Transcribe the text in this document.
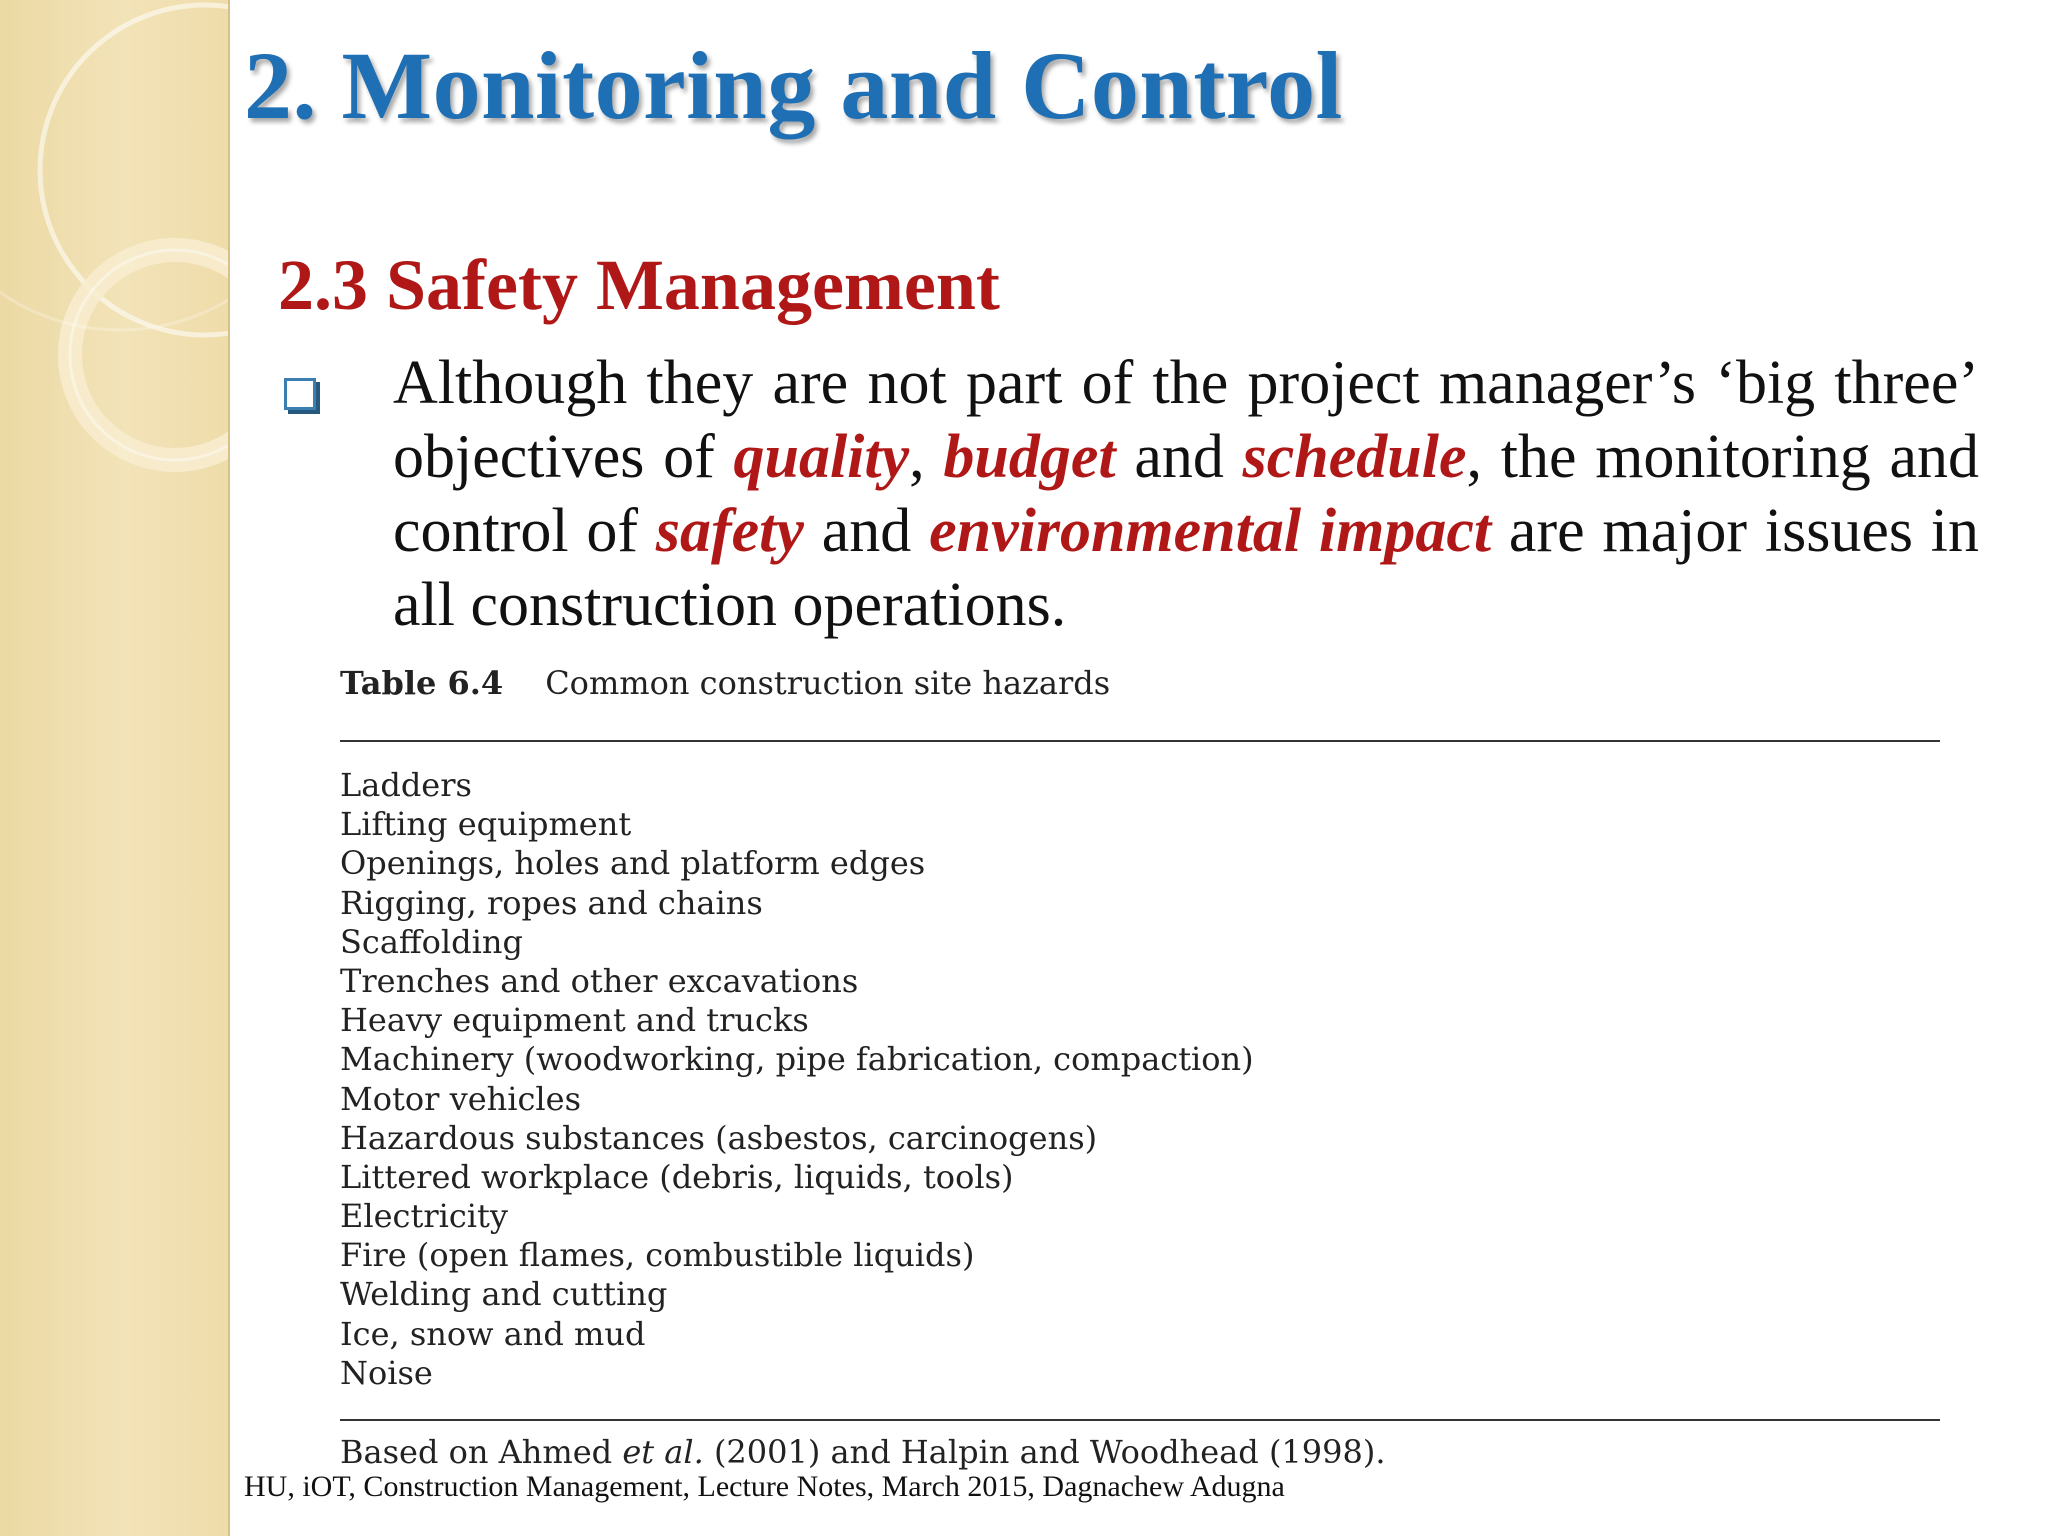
2. Monitoring and Control
2.3 Safety Management

Although they are not part of the project manager’s ‘big three’ objectives of quality, budget and schedule, the monitoring and control of safety and environmental impact are major issues in all construction operations.

Table 6.4 Common construction site hazards
Ladders
Lifting equipment
Openings, holes and platform edges
Rigging, ropes and chains
Scaffolding
Trenches and other excavations
Heavy equipment and trucks
Machinery (woodworking, pipe fabrication, compaction)
Motor vehicles
Hazardous substances (asbestos, carcinogens)
Littered workplace (debris, liquids, tools)
Electricity
Fire (open flames, combustible liquids)
Welding and cutting
Ice, snow and mud
Noise
Based on Ahmed et al. (2001) and Halpin and Woodhead (1998).
HU, iOT, Construction Management, Lecture Notes, March 2015, Dagnachew Adugna
